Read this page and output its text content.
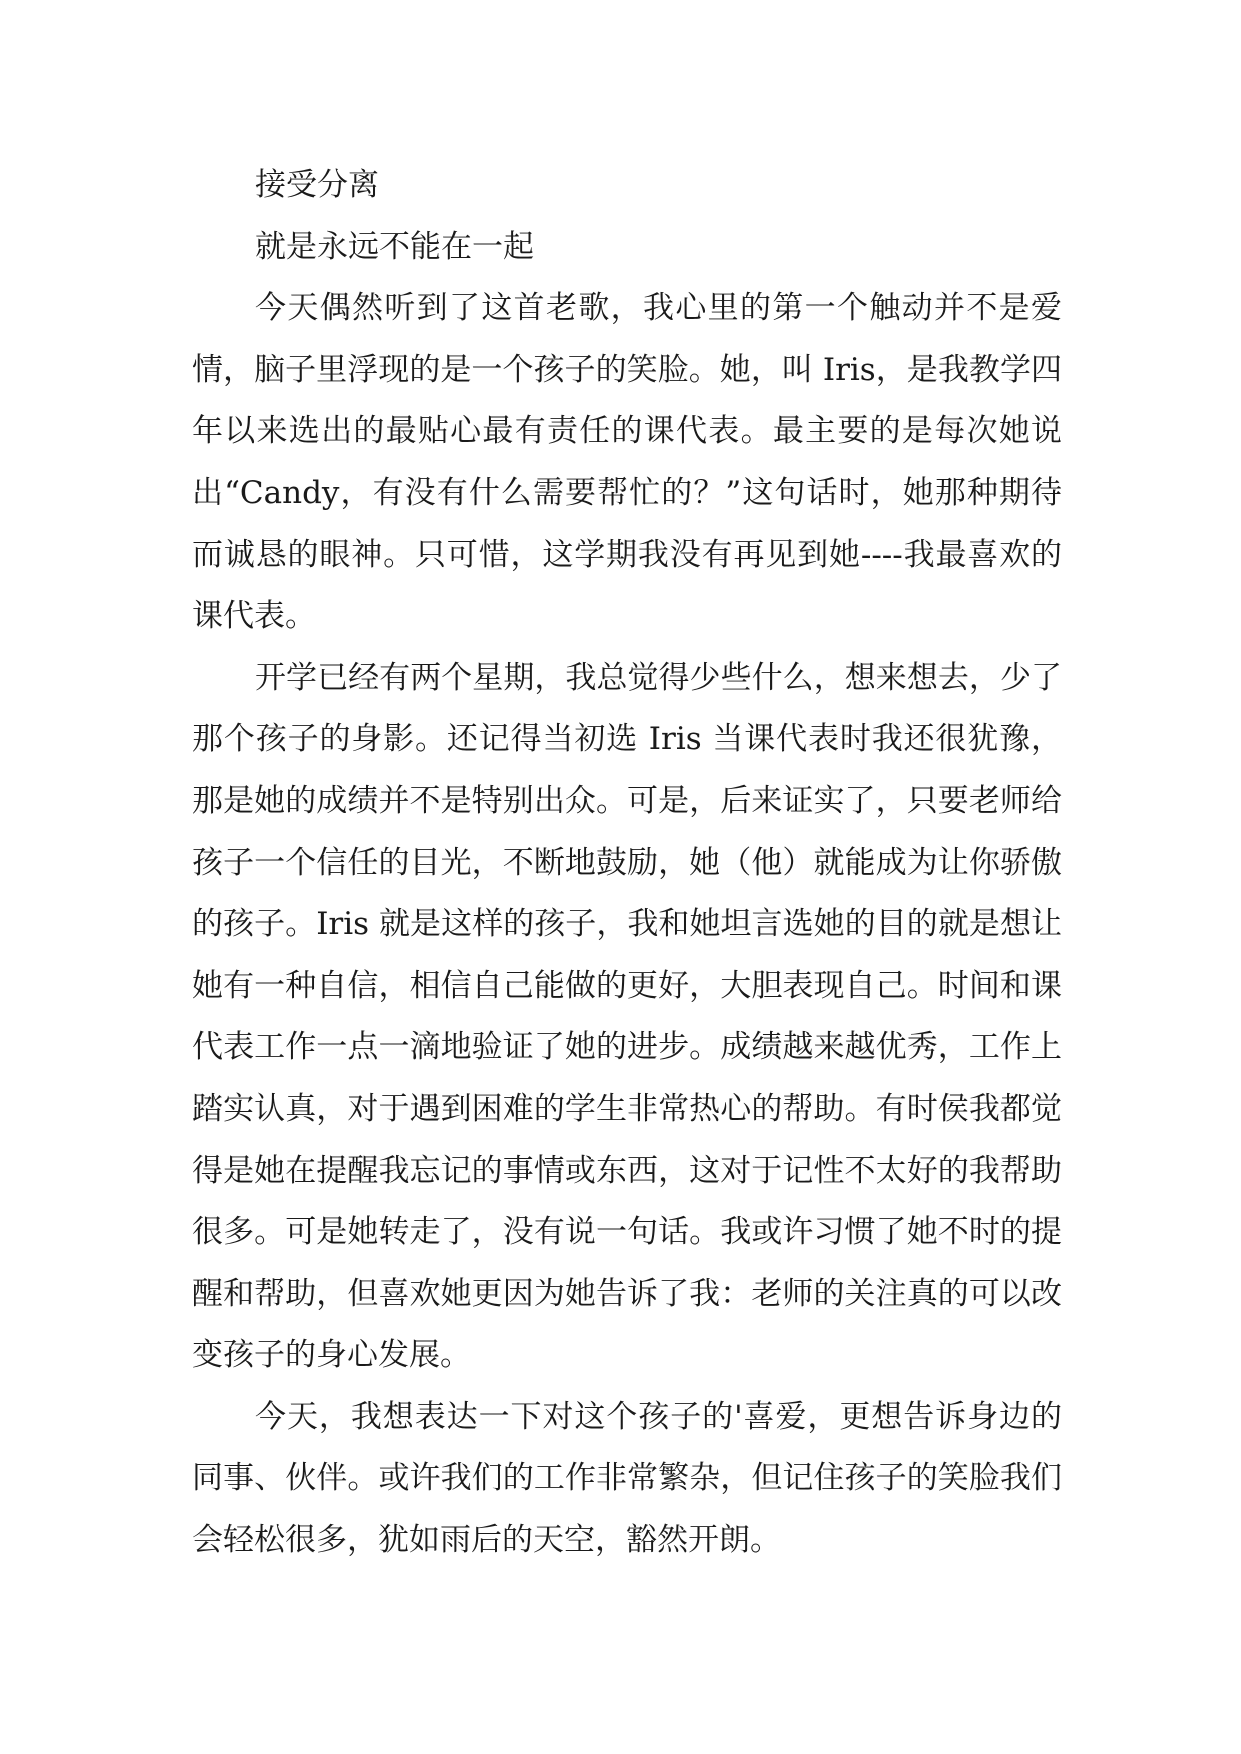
接受分离

就是永远不能在一起

今天偶然听到了这首老歌，我心里的第一个触动并不是爱情，脑子里浮现的是一个孩子的笑脸。她，叫 Iris，是我教学四年以来选出的最贴心最有责任的课代表。最主要的是每次她说出“Candy，有没有什么需要帮忙的？”这句话时，她那种期待而诚恳的眼神。只可惜，这学期我没有再见到她----我最喜欢的课代表。

开学已经有两个星期，我总觉得少些什么，想来想去，少了那个孩子的身影。还记得当初选 Iris 当课代表时我还很犹豫，那是她的成绩并不是特别出众。可是，后来证实了，只要老师给孩子一个信任的目光，不断地鼓励，她（他）就能成为让你骄傲的孩子。Iris 就是这样的孩子，我和她坦言选她的目的就是想让她有一种自信，相信自己能做的更好，大胆表现自己。时间和课代表工作一点一滴地验证了她的进步。成绩越来越优秀，工作上踏实认真，对于遇到困难的学生非常热心的帮助。有时侯我都觉得是她在提醒我忘记的事情或东西，这对于记性不太好的我帮助很多。可是她转走了，没有说一句话。我或许习惯了她不时的提醒和帮助，但喜欢她更因为她告诉了我：老师的关注真的可以改变孩子的身心发展。

今天，我想表达一下对这个孩子的'喜爱，更想告诉身边的同事、伙伴。或许我们的工作非常繁杂，但记住孩子的笑脸我们会轻松很多，犹如雨后的天空，豁然开朗。
